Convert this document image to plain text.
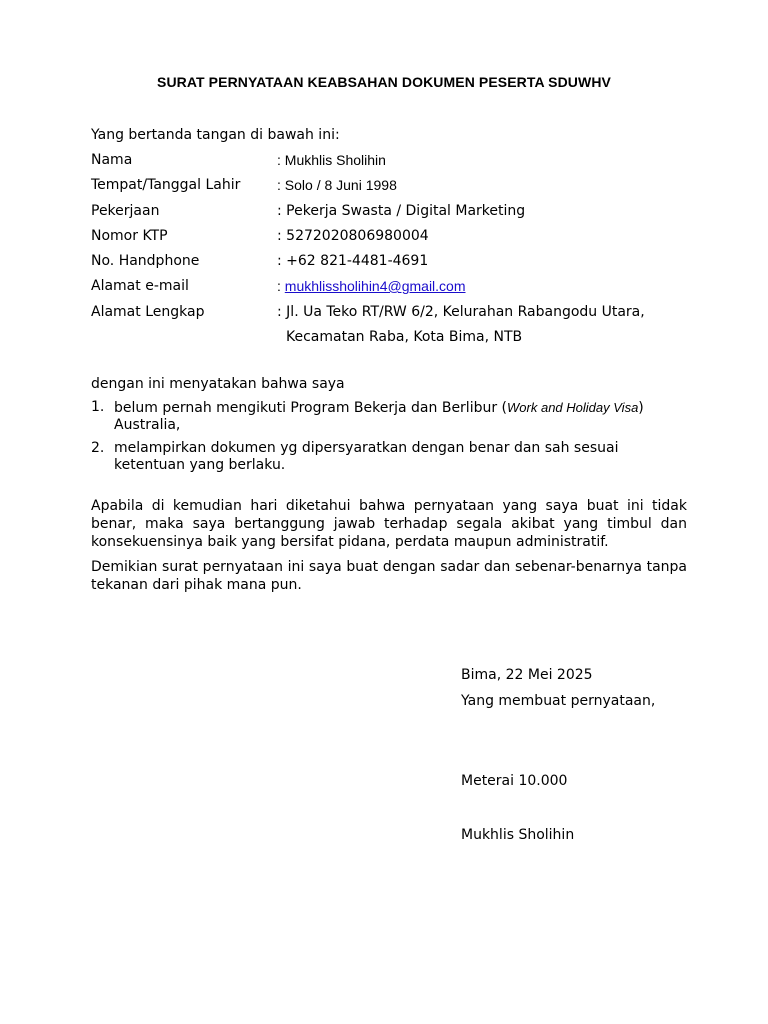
SURAT PERNYATAAN KEABSAHAN DOKUMEN PESERTA SDUWHV
Yang bertanda tangan di bawah ini:
Nama	: Mukhlis Sholihin
Tempat/Tanggal Lahir	: Solo / 8 Juni 1998
Pekerjaan	: Pekerja Swasta / Digital Marketing
Nomor KTP	: 5272020806980004
No. Handphone	: +62 821-4481-4691
Alamat e-mail	: mukhlissholihin4@gmail.com
Alamat Lengkap	: Jl. Ua Teko RT/RW 6/2, Kelurahan Rabangodu Utara,
Kecamatan Raba, Kota Bima, NTB
dengan ini menyatakan bahwa saya
1. belum pernah mengikuti Program Bekerja dan Berlibur (Work and Holiday Visa)
Australia,
2. melampirkan dokumen yg dipersyaratkan dengan benar dan sah sesuai
ketentuan yang berlaku.
Apabila di kemudian hari diketahui bahwa pernyataan yang saya buat ini tidak benar, maka saya bertanggung jawab terhadap segala akibat yang timbul dan konsekuensinya baik yang bersifat pidana, perdata maupun administratif.
Demikian surat pernyataan ini saya buat dengan sadar dan sebenar-benarnya tanpa tekanan dari pihak mana pun.
Bima, 22 Mei 2025
Yang membuat pernyataan,
Meterai 10.000
Mukhlis Sholihin
